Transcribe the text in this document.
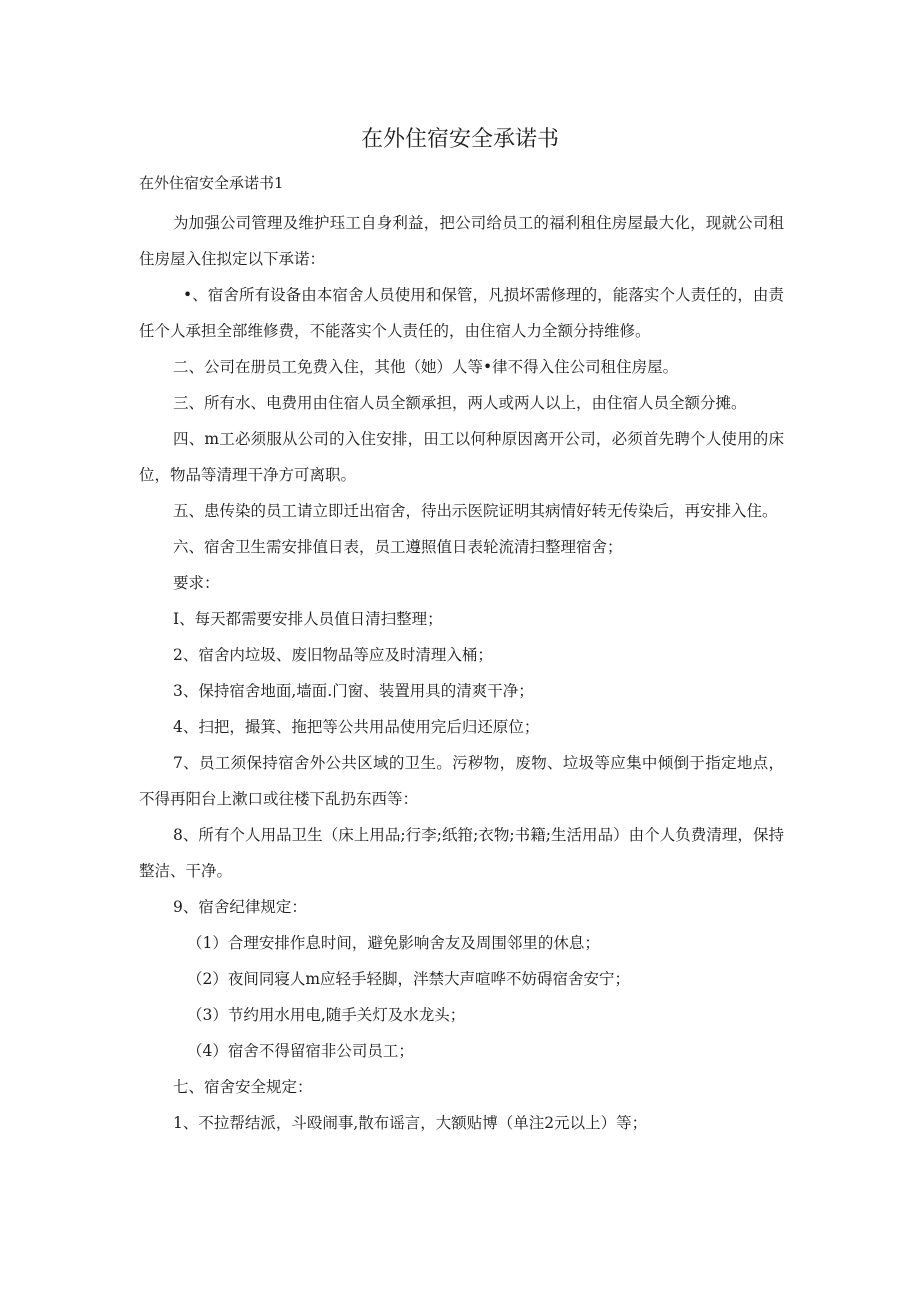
在外住宿安全承诺书

在外住宿安全承诺书1

为加强公司管理及维护珏工自身利益，把公司给员工的福利租住房屋最大化，现就公司租住房屋入住拟定以下承诺：

•、宿舍所有设备由本宿舍人员使用和保管，凡损坏需修理的，能落实个人责任的，由责任个人承担全部维修费，不能落实个人责任的，由住宿人力全额分持维修。

二、公司在册员工免费入住，其他（她）人等•律不得入住公司租住房屋。

三、所有水、电费用由住宿人员全额承担，两人或两人以上，由住宿人员全额分摊。

四、m工必须服从公司的入住安排，田工以何种原因离开公司，必须首先聘个人使用的床位，物品等清理干净方可离职。

五、患传染的员工请立即迁出宿舍，待出示医院证明其病情好转无传染后，再安排入住。

六、宿舍卫生需安排值日表，员工遵照值日表轮流清扫整理宿舍；

要求：

I、每天都需要安排人员值日清扫整理；

2、宿舍内垃圾、废旧物品等应及时清理入桶；

3、保持宿舍地面,墙面.门窗、装置用具的清爽干净；

4、扫把，撮箕、拖把等公共用品使用完后归还原位；

7、员工须保持宿舍外公共区域的卫生。污秽物，废物、垃圾等应集中倾倒于指定地点，不得再阳台上漱口或往楼下乱扔东西等：

8、所有个人用品卫生（床上用品;行李;纸箝;衣物;书籍;生活用品）由个人负费清理，保持整洁、干净。

9、宿舍纪律规定：

（1）合理安排作息时间，避免影响舍友及周围邻里的休息；

（2）夜间同寝人m应轻手轻脚，泮禁大声喧哗不妨碍宿舍安宁；

（3）节约用水用电,随手关灯及水龙头；

（4）宿舍不得留宿非公司员工；

七、宿舍安全规定：

1、不拉帮结派，斗殴闹事,散布谣言，大额贴博（单注2元以上）等；
